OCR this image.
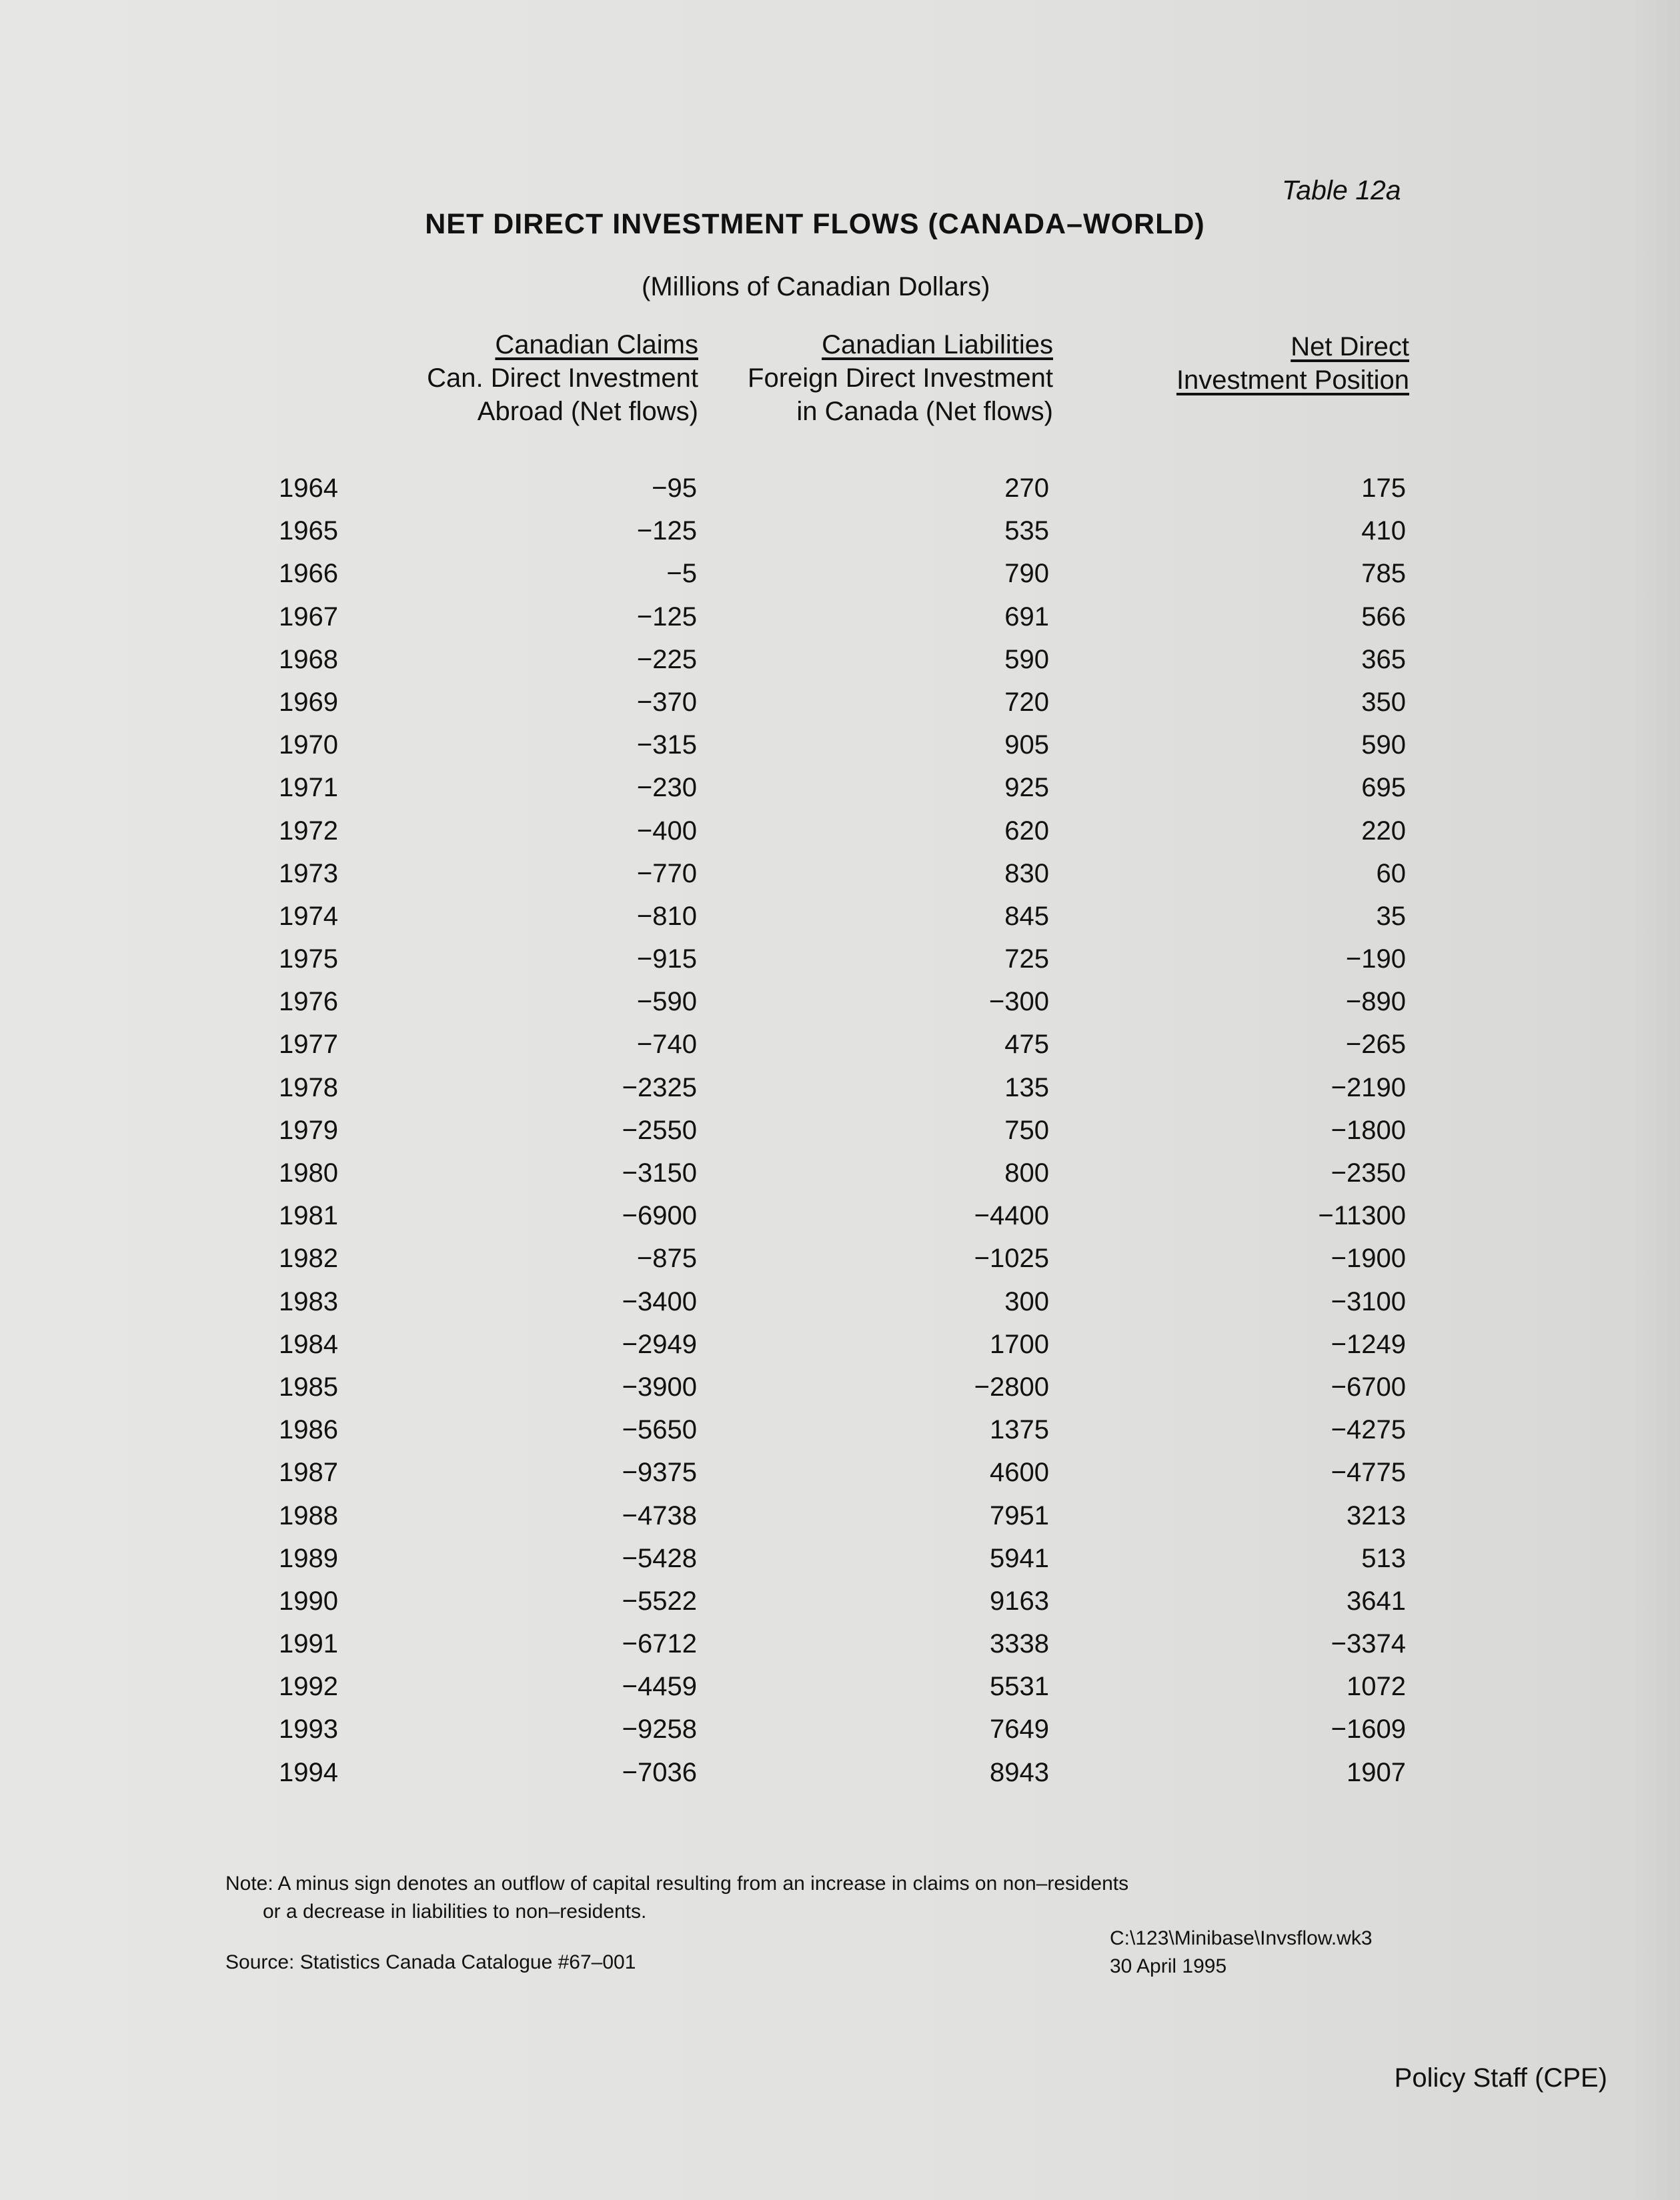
Table 12a
NET DIRECT INVESTMENT FLOWS (CANADA–WORLD)
(Millions of Canadian Dollars)
Canadian Claims
Can. Direct Investment
Abroad (Net flows)
Canadian Liabilities
Foreign Direct Investment
in Canada (Net flows)
Net Direct
Investment Position
1964	−95	270	175
1965	−125	535	410
1966	−5	790	785
1967	−125	691	566
1968	−225	590	365
1969	−370	720	350
1970	−315	905	590
1971	−230	925	695
1972	−400	620	220
1973	−770	830	60
1974	−810	845	35
1975	−915	725	−190
1976	−590	−300	−890
1977	−740	475	−265
1978	−2325	135	−2190
1979	−2550	750	−1800
1980	−3150	800	−2350
1981	−6900	−4400	−11300
1982	−875	−1025	−1900
1983	−3400	300	−3100
1984	−2949	1700	−1249
1985	−3900	−2800	−6700
1986	−5650	1375	−4275
1987	−9375	4600	−4775
1988	−4738	7951	3213
1989	−5428	5941	513
1990	−5522	9163	3641
1991	−6712	3338	−3374
1992	−4459	5531	1072
1993	−9258	7649	−1609
1994	−7036	8943	1907
Note: A minus sign denotes an outflow of capital resulting from an increase in claims on non–residents
or a decrease in liabilities to non–residents.
Source: Statistics Canada Catalogue #67–001
C:\123\Minibase\Invsflow.wk3
30 April 1995
Policy Staff (CPE)
